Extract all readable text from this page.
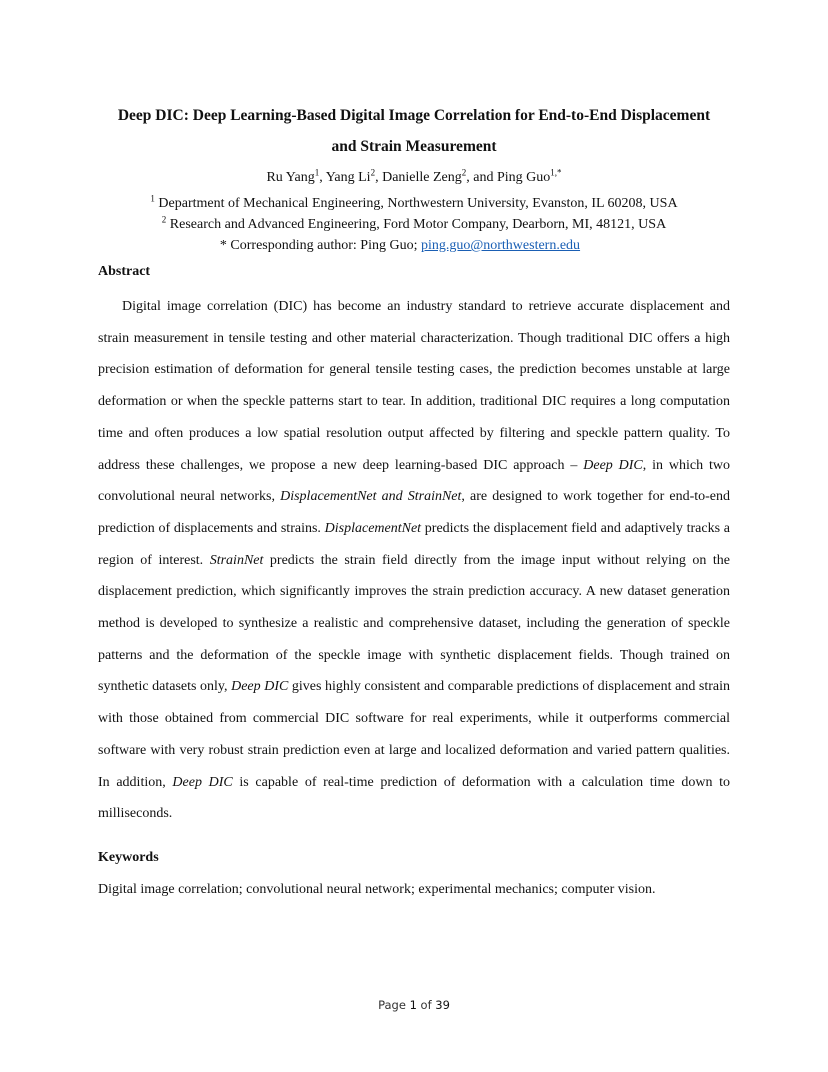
Deep DIC: Deep Learning-Based Digital Image Correlation for End-to-End Displacement
and Strain Measurement
Ru Yang$^1$, Yang Li$^2$, Danielle Zeng$^2$, and Ping Guo$^{1,*}$
$^1$ Department of Mechanical Engineering, Northwestern University, Evanston, IL 60208, USA
$^2$ Research and Advanced Engineering, Ford Motor Company, Dearborn, MI, 48121, USA
* Corresponding author: Ping Guo; ping.guo@northwestern.edu
Abstract
Digital image correlation (DIC) has become an industry standard to retrieve accurate displacement and strain measurement in tensile testing and other material characterization. Though traditional DIC offers a high precision estimation of deformation for general tensile testing cases, the prediction becomes unstable at large deformation or when the speckle patterns start to tear. In addition, traditional DIC requires a long computation time and often produces a low spatial resolution output affected by filtering and speckle pattern quality. To address these challenges, we propose a new deep learning-based DIC approach – Deep DIC, in which two convolutional neural networks, DisplacementNet and StrainNet, are designed to work together for end-to-end prediction of displacements and strains. DisplacementNet predicts the displacement field and adaptively tracks a region of interest. StrainNet predicts the strain field directly from the image input without relying on the displacement prediction, which significantly improves the strain prediction accuracy. A new dataset generation method is developed to synthesize a realistic and comprehensive dataset, including the generation of speckle patterns and the deformation of the speckle image with synthetic displacement fields. Though trained on synthetic datasets only, Deep DIC gives highly consistent and comparable predictions of displacement and strain with those obtained from commercial DIC software for real experiments, while it outperforms commercial software with very robust strain prediction even at large and localized deformation and varied pattern qualities. In addition, Deep DIC is capable of real-time prediction of deformation with a calculation time down to milliseconds.
Keywords
Digital image correlation; convolutional neural network; experimental mechanics; computer vision.
Page 1 of 39
